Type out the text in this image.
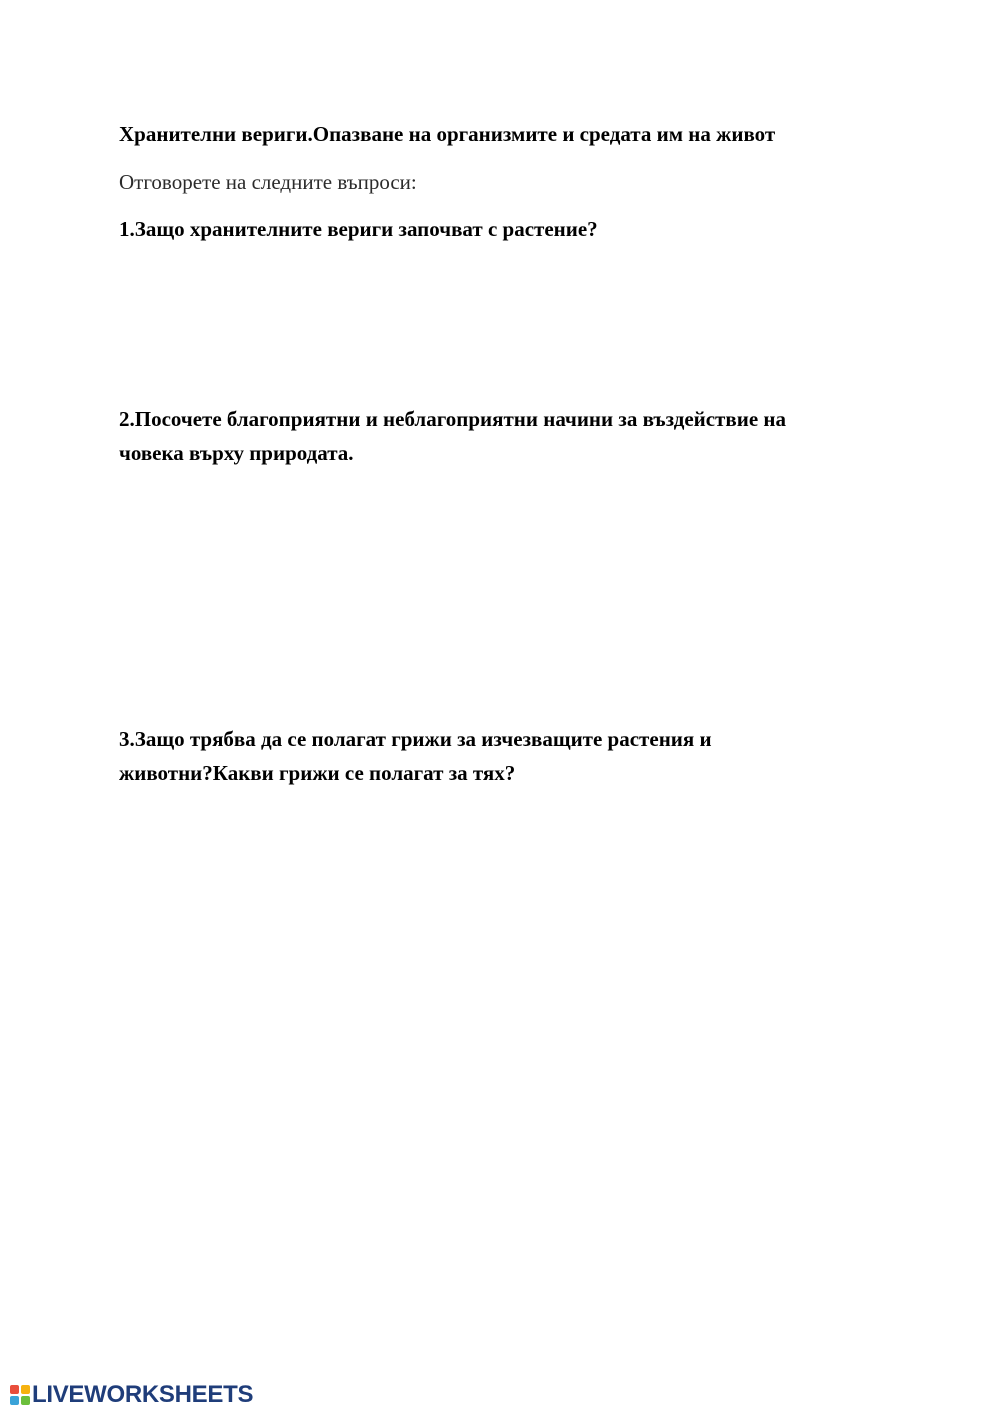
Хранителни вериги.Опазване на организмите и средата им на живот

Отговорете на следните въпроси:

1.Защо хранителните вериги започват с растение?

2.Посочете благоприятни и неблагоприятни начини за въздействие на

човека върху природата.

3.Защо трябва да се полагат грижи за изчезващите растения и

животни?Какви грижи се полагат за тях?

LIVEWORKSHEETS
